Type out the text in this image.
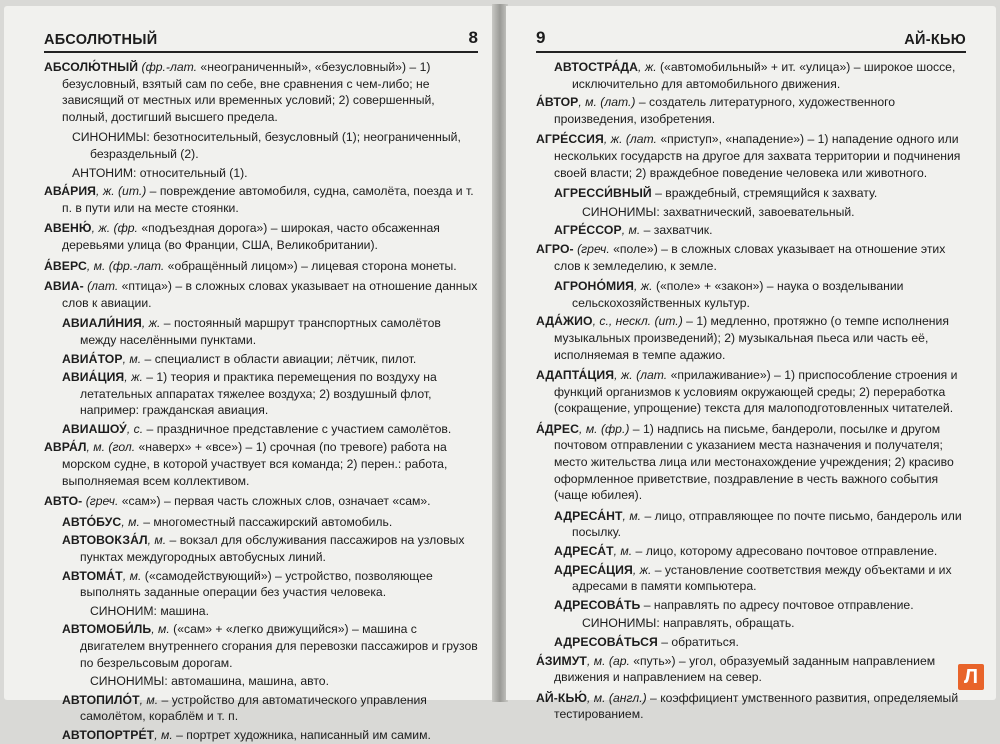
АБСОЛЮТНЫЙ	8

АБСОЛЮ́ТНЫЙ (фр.-лат. «неограниченный», «безусловный») – 1) безусловный, взятый сам по себе, вне сравнения с чем-либо; не зависящий от местных или временных условий; 2) совершенный, полный, достигший высшего предела.

СИНОНИМЫ: безотносительный, безусловный (1); неограниченный, безраздельный (2).

АНТОНИМ: относительный (1).

АВА́РИЯ, ж. (ит.) – повреждение автомобиля, судна, самолёта, поезда и т. п. в пути или на месте стоянки.

АВЕНЮ́, ж. (фр. «подъездная дорога») – широкая, часто обсаженная деревьями улица (во Франции, США, Великобритании).

А́ВЕРС, м. (фр.-лат. «обращённый лицом») – лицевая сторона монеты.

АВИА- (лат. «птица») – в сложных словах указывает на отношение данных слов к авиации.

АВИАЛИ́НИЯ, ж. – постоянный маршрут транспортных самолётов между населёнными пунктами.

АВИА́ТОР, м. – специалист в области авиации; лётчик, пилот.

АВИА́ЦИЯ, ж. – 1) теория и практика перемещения по воздуху на летательных аппаратах тяжелее воздуха; 2) воздушный флот, например: гражданская авиация.

АВИАШОУ́, с. – праздничное представление с участием самолётов.

АВРА́Л, м. (гол. «наверх» + «все») – 1) срочная (по тревоге) работа на морском судне, в которой участвует вся команда; 2) перен.: работа, выполняемая всем коллективом.

АВТО- (греч. «сам») – первая часть сложных слов, означает «сам».

АВТО́БУС, м. – многоместный пассажирский автомобиль.

АВТОВОКЗА́Л, м. – вокзал для обслуживания пассажиров на узловых пунктах междугородных автобусных линий.

АВТОМА́Т, м. («самодействующий») – устройство, позволяющее выполнять заданные операции без участия человека.

СИНОНИМ: машина.

АВТОМОБИ́ЛЬ, м. («сам» + «легко движущийся») – машина с двигателем внутреннего сгорания для перевозки пассажиров и грузов по безрельсовым дорогам.

СИНОНИМЫ: автомашина, машина, авто.

АВТОПИЛО́Т, м. – устройство для автоматического управления самолётом, кораблём и т. п.

АВТОПОРТРЕ́Т, м. – портрет художника, написанный им самим.

9	АЙ-КЬЮ

АВТОСТРА́ДА, ж. («автомобильный» + ит. «улица») – широкое шоссе, исключительно для автомобильного движения.

А́ВТОР, м. (лат.) – создатель литературного, художественного произведения, изобретения.

АГРЕ́ССИЯ, ж. (лат. «приступ», «нападение») – 1) нападение одного или нескольких государств на другое для захвата территории и подчинения своей власти; 2) враждебное поведение человека или животного.

АГРЕССИ́ВНЫЙ – враждебный, стремящийся к захвату.

СИНОНИМЫ: захватнический, завоевательный.

АГРЕ́ССОР, м. – захватчик.

АГРО- (греч. «поле») – в сложных словах указывает на отношение этих слов к земледелию, к земле.

АГРОНО́МИЯ, ж. («поле» + «закон») – наука о возделывании сельскохозяйственных культур.

АДА́ЖИО, с., нескл. (ит.) – 1) медленно, протяжно (о темпе исполнения музыкальных произведений); 2) музыкальная пьеса или часть её, исполняемая в темпе адажио.

АДАПТА́ЦИЯ, ж. (лат. «прилаживание») – 1) приспособление строения и функций организмов к условиям окружающей среды; 2) переработка (сокращение, упрощение) текста для малоподготовленных читателей.

А́ДРЕС, м. (фр.) – 1) надпись на письме, бандероли, посылке и другом почтовом отправлении с указанием места назначения и получателя; место жительства лица или местонахождение учреждения; 2) красиво оформленное приветствие, поздравление в честь важного события (чаще юбилея).

АДРЕСА́НТ, м. – лицо, отправляющее по почте письмо, бандероль или посылку.

АДРЕСА́Т, м. – лицо, которому адресовано почтовое отправление.

АДРЕСА́ЦИЯ, ж. – установление соответствия между объектами и их адресами в памяти компьютера.

АДРЕСОВА́ТЬ – направлять по адресу почтовое отправление.

СИНОНИМЫ: направлять, обращать.

АДРЕСОВА́ТЬСЯ – обратиться.

А́ЗИМУТ, м. (ар. «путь») – угол, образуемый заданным направлением движения и направлением на север.

АЙ-КЬЮ́, м. (англ.) – коэффициент умственного развития, определяемый тестированием.

Л
